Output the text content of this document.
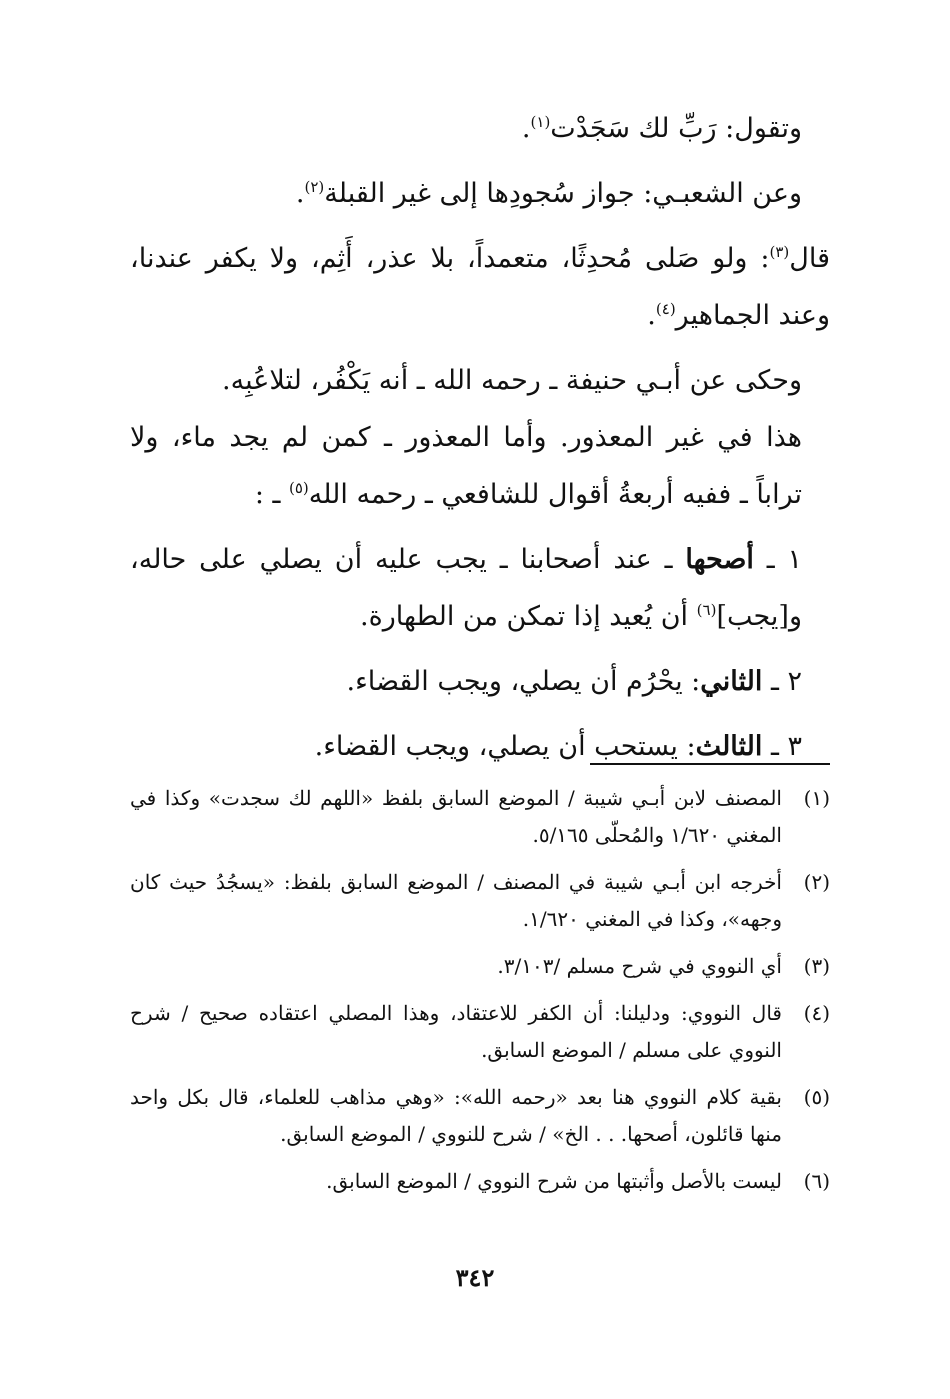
وتقول: رَبِّ لك سَجَدْت$^{(١)}$.

وعن الشعبـي: جواز سُجودِها إلى غير القبلة$^{(٢)}$.

قال$^{(٣)}$: ولو صَلى مُحدِثًا، متعمداً، بلا عذر، أَثِم، ولا يكفر عندنا، وعند الجماهير$^{(٤)}$.

وحكى عن أبـي حنيفة ـ رحمه الله ـ أنه يَكْفُر، لتلاعُبِه.

هذا في غير المعذور. وأما المعذور ـ كمن لم يجد ماء، ولا تراباً ـ ففيه أربعةُ أقوال للشافعي ـ رحمه الله$^{(٥)}$ ـ :

١ ـ أصحها ـ عند أصحابنا ـ يجب عليه أن يصلي على حاله، و[يجب]$^{(٦)}$ أن يُعيد إذا تمكن من الطهارة.

٢ ـ الثاني: يحْرُم أن يصلي، ويجب القضاء.

٣ ـ الثالث: يستحب أن يصلي، ويجب القضاء.

(١)
المصنف لابن أبـي شيبة / الموضع السابق بلفظ «اللهم لك سجدت» وكذا في المغني ١/٦٢٠ والمُحلّى ٥/١٦٥.
(٢)
أخرجه ابن أبـي شيبة في المصنف / الموضع السابق بلفظ: «يسجُدُ حيث كان وجهه»، وكذا في المغني ١/٦٢٠.
(٣)
أي النووي في شرح مسلم /٣/١٠٣.
(٤)
قال النووي: ودليلنا: أن الكفر للاعتقاد، وهذا المصلي اعتقاده صحيح / شرح النووي على مسلم / الموضع السابق.
(٥)
بقية كلام النووي هنا بعد «رحمه الله»: «وهي مذاهب للعلماء، قال بكل واحد منها قائلون، أصحها. . . الخ» / شرح للنووي / الموضع السابق.
(٦)
ليست بالأصل وأثبتها من شرح النووي / الموضع السابق.
٣٤٢
